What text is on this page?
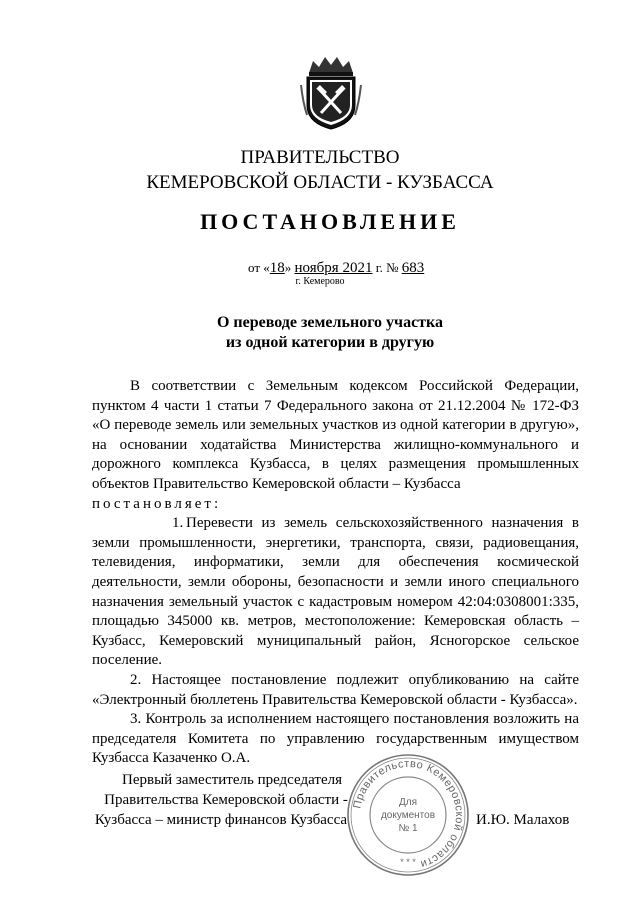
ПРАВИТЕЛЬСТВО
КЕМЕРОВСКОЙ ОБЛАСТИ - КУЗБАССА
ПОСТАНОВЛЕНИЕ
от «18» ноября 2021 г. № 683
г. Кемерово
О переводе земельного участка
из одной категории в другую

В соответствии с Земельным кодексом Российской Федерации, пунктом 4 части 1 статьи 7 Федерального закона от 21.12.2004 № 172-ФЗ «О переводе земель или земельных участков из одной категории в другую», на основании ходатайства Министерства жилищно-коммунального и дорожного комплекса Кузбасса, в целях размещения промышленных объектов Правительство Кемеровской области – Кузбасса

постановляет:

1. Перевести из земель сельскохозяйственного назначения в земли промышленности, энергетики, транспорта, связи, радиовещания, телевидения, информатики, земли для обеспечения космической деятельности, земли обороны, безопасности и земли иного специального назначения земельный участок с кадастровым номером 42:04:0308001:335, площадью 345000 кв. метров, местоположение: Кемеровская область – Кузбасс, Кемеровский муниципальный район, Ясногорское сельское поселение.

2. Настоящее постановление подлежит опубликованию на сайте «Электронный бюллетень Правительства Кемеровской области - Кузбасса».

3. Контроль за исполнением настоящего постановления возложить на председателя Комитета по управлению государственным имуществом Кузбасса Казаченко О.А.

Первый заместитель председателя
Правительства Кемеровской области -
Кузбасса – министр финансов Кузбасса	И.Ю. Малахов
Правительство Кемеровской области
Для
документов
№ 1
* * *
